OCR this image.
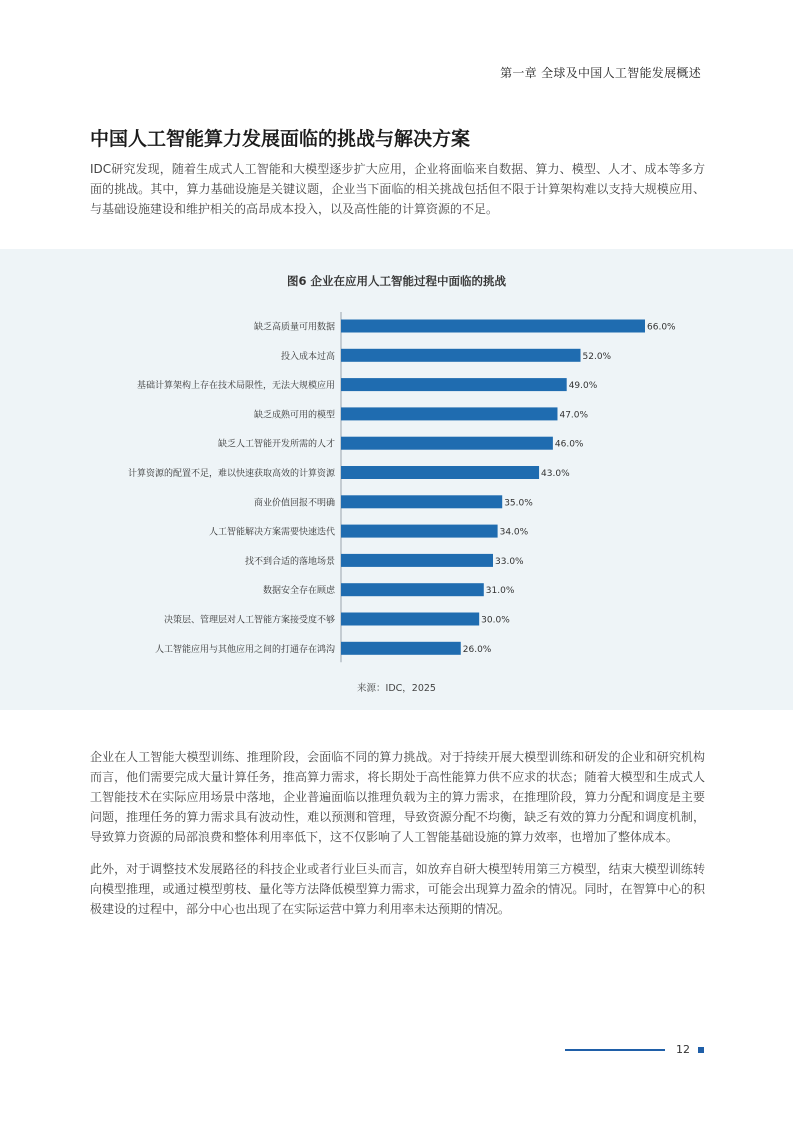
第一章 全球及中国人工智能发展概述
中国人工智能算力发展面临的挑战与解决方案

IDC研究发现，随着生成式人工智能和大模型逐步扩大应用，企业将面临来自数据、算力、模型、人才、成本等多方面的挑战。其中，算力基础设施是关键议题，企业当下面临的相关挑战包括但不限于计算架构难以支持大规模应用、与基础设施建设和维护相关的高昂成本投入，以及高性能的计算资源的不足。

图6 企业在应用人工智能过程中面临的挑战
缺乏高质量可用数据	66.0%
投入成本过高	52.0%
基础计算架构上存在技术局限性，无法大规模应用	49.0%
缺乏成熟可用的模型	47.0%
缺乏人工智能开发所需的人才	46.0%
计算资源的配置不足，难以快速获取高效的计算资源	43.0%
商业价值回报不明确	35.0%
人工智能解决方案需要快速迭代	34.0%
找不到合适的落地场景	33.0%
数据安全存在顾虑	31.0%
决策层、管理层对人工智能方案接受度不够	30.0%
人工智能应用与其他应用之间的打通存在鸿沟	26.0%
来源：IDC，2025

企业在人工智能大模型训练、推理阶段，会面临不同的算力挑战。对于持续开展大模型训练和研发的企业和研究机构而言，他们需要完成大量计算任务，推高算力需求，将长期处于高性能算力供不应求的状态；随着大模型和生成式人工智能技术在实际应用场景中落地，企业普遍面临以推理负载为主的算力需求，在推理阶段，算力分配和调度是主要问题，推理任务的算力需求具有波动性，难以预测和管理，导致资源分配不均衡，缺乏有效的算力分配和调度机制，导致算力资源的局部浪费和整体利用率低下，这不仅影响了人工智能基础设施的算力效率，也增加了整体成本。

此外，对于调整技术发展路径的科技企业或者行业巨头而言，如放弃自研大模型转用第三方模型，结束大模型训练转向模型推理，或通过模型剪枝、量化等方法降低模型算力需求，可能会出现算力盈余的情况。同时，在智算中心的积极建设的过程中，部分中心也出现了在实际运营中算力利用率未达预期的情况。

12
